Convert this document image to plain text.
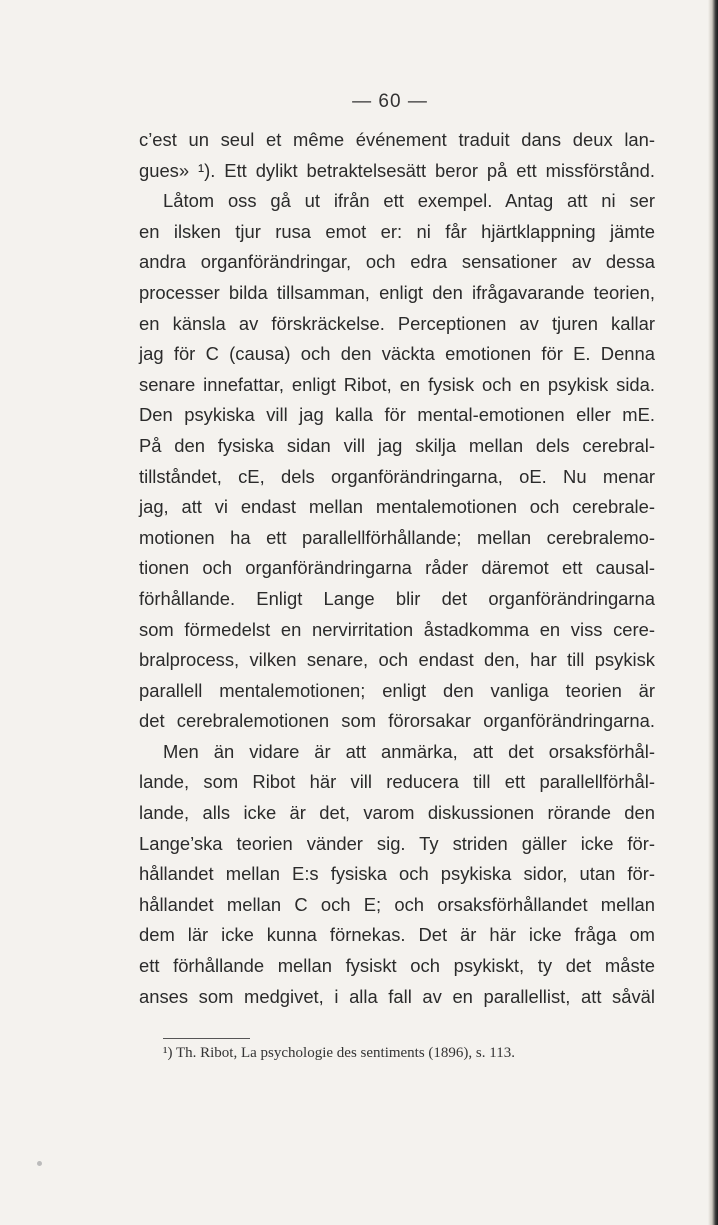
— 60 —
c’est un seul et même événement traduit dans deux lan-
gues» ¹). Ett dylikt betraktelsesätt beror på ett missförstånd.
Låtom oss gå ut ifrån ett exempel. Antag att ni ser
en ilsken tjur rusa emot er: ni får hjärtklappning jämte
andra organförändringar, och edra sensationer av dessa
processer bilda tillsamman, enligt den ifrågavarande teorien,
en känsla av förskräckelse. Perceptionen av tjuren kallar
jag för C (causa) och den väckta emotionen för E. Denna
senare innefattar, enligt Ribot, en fysisk och en psykisk sida.
Den psykiska vill jag kalla för mental-emotionen eller mE.
På den fysiska sidan vill jag skilja mellan dels cerebral-
tillståndet, cE, dels organförändringarna, oE. Nu menar
jag, att vi endast mellan mentalemotionen och cerebrale-
motionen ha ett parallellförhållande; mellan cerebralemo-
tionen och organförändringarna råder däremot ett causal-
förhållande. Enligt Lange blir det organförändringarna
som förmedelst en nervirritation åstadkomma en viss cere-
bralprocess, vilken senare, och endast den, har till psykisk
parallell mentalemotionen; enligt den vanliga teorien är
det cerebralemotionen som förorsakar organförändringarna.
Men än vidare är att anmärka, att det orsaksförhål-
lande, som Ribot här vill reducera till ett parallellförhål-
lande, alls icke är det, varom diskussionen rörande den
Lange’ska teorien vänder sig. Ty striden gäller icke för-
hållandet mellan E:s fysiska och psykiska sidor, utan för-
hållandet mellan C och E; och orsaksförhållandet mellan
dem lär icke kunna förnekas. Det är här icke fråga om
ett förhållande mellan fysiskt och psykiskt, ty det måste
anses som medgivet, i alla fall av en parallellist, att såväl
¹) Th. Ribot, La psychologie des sentiments (1896), s. 113.
